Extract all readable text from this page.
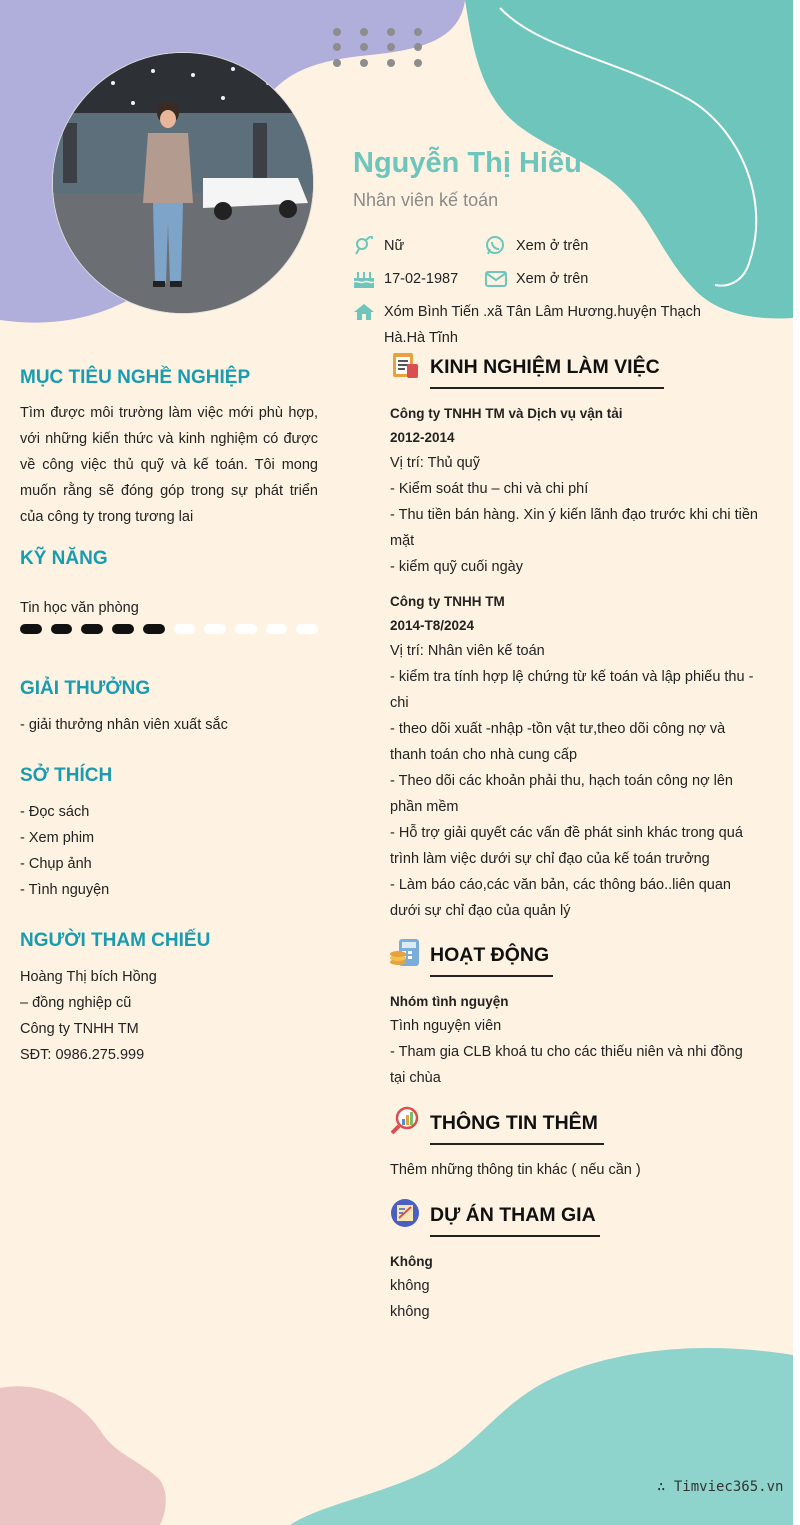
Nguyễn Thị Hiếu
Nhân viên kế toán
Nữ	Xem ở trên
17-02-1987	Xem ở trên
Xóm Bình Tiến .xã Tân Lâm Hương.huyện Thạch
Hà.Hà Tĩnh
MỤC TIÊU NGHỀ NGHIỆP
Tìm được môi trường làm việc mới phù hợp,
với những kiến thức và kinh nghiệm có được
về công việc thủ quỹ và kế toán. Tôi mong
muốn rằng sẽ đóng góp trong sự phát triển
của công ty trong tương lai
KỸ NĂNG
Tin học văn phòng
GIẢI THƯỞNG
- giải thưởng nhân viên xuất sắc
SỞ THÍCH
- Đọc sách
- Xem phim
- Chụp ảnh
- Tình nguyện
NGƯỜI THAM CHIẾU
Hoàng Thị bích Hồng
– đồng nghiệp cũ
Công ty TNHH TM
SĐT: 0986.275.999
KINH NGHIỆM LÀM VIỆC
Công ty TNHH TM và Dịch vụ vận tải
2012-2014
Vị trí: Thủ quỹ
- Kiểm soát thu – chi và chi phí
- Thu tiền bán hàng. Xin ý kiến lãnh đạo trước khi chi tiền
mặt
- kiểm quỹ cuối ngày
Công ty TNHH TM
2014-T8/2024
Vị trí: Nhân viên kế toán
- kiểm tra tính hợp lệ chứng từ kế toán và lập phiếu thu -
chi
- theo dõi xuất -nhập -tồn vật tư,theo dõi công nợ và
thanh toán cho nhà cung cấp
- Theo dõi các khoản phải thu, hạch toán công nợ lên
phần mềm
- Hỗ trợ giải quyết các vấn đề phát sinh khác trong quá
trình làm việc dưới sự chỉ đạo của kế toán trưởng
- Làm báo cáo,các văn bản, các thông báo..liên quan
dưới sự chỉ đạo của quản lý
HOẠT ĐỘNG
Nhóm tình nguyện
Tình nguyện viên
- Tham gia CLB khoá tu cho các thiếu niên và nhi đồng
tại chùa
THÔNG TIN THÊM
Thêm những thông tin khác ( nếu cần )
DỰ ÁN THAM GIA
Không
không
không
∴ Timviec365.vn
